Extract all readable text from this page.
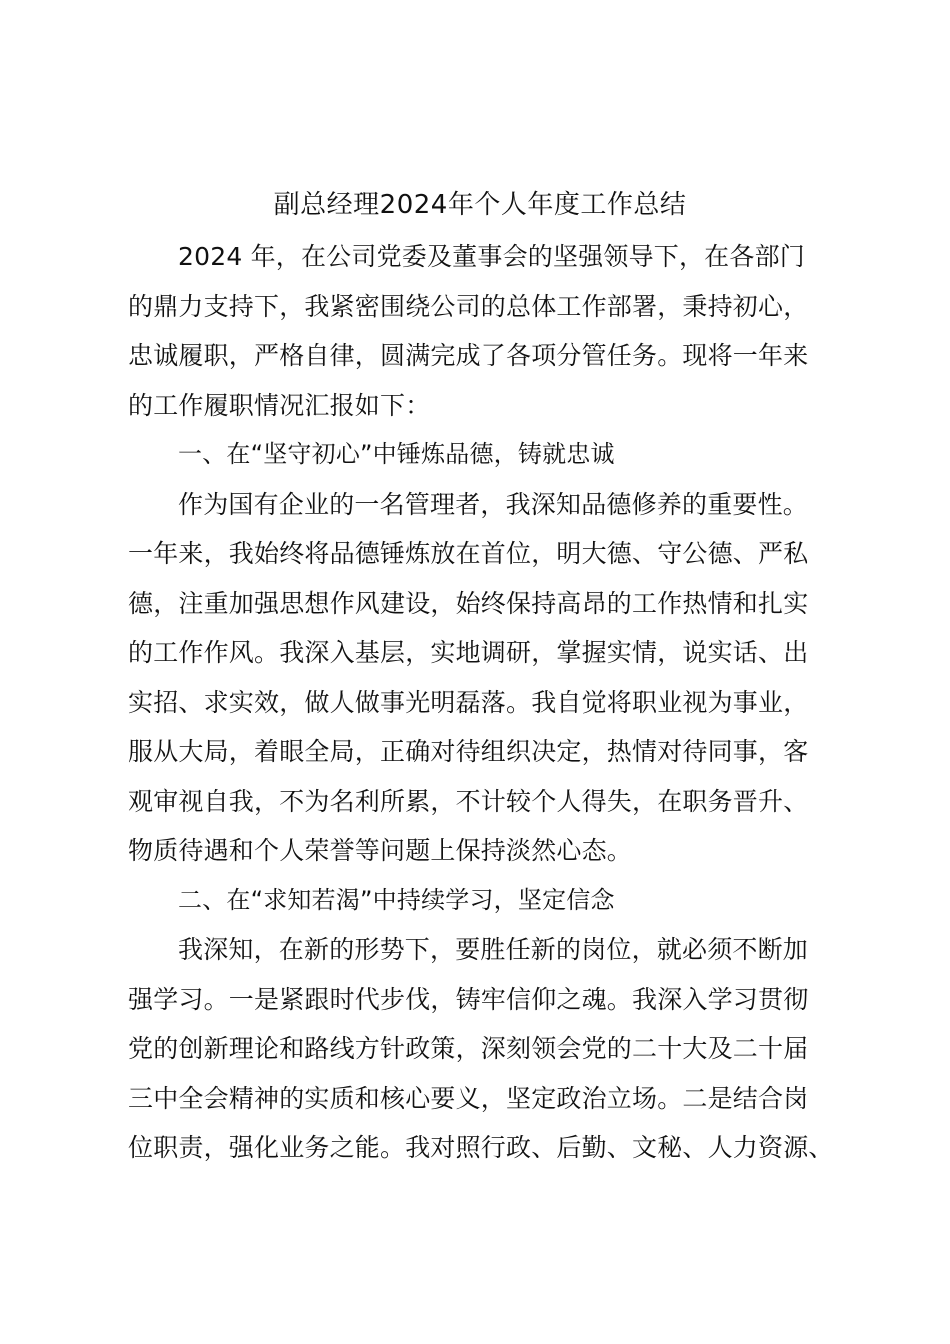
副总经理2024年个人年度工作总结
2024 年，在公司党委及董事会的坚强领导下，在各部门
的鼎力支持下，我紧密围绕公司的总体工作部署，秉持初心，
忠诚履职，严格自律，圆满完成了各项分管任务。现将一年来
的工作履职情况汇报如下：
一、在“坚守初心”中锤炼品德，铸就忠诚
作为国有企业的一名管理者，我深知品德修养的重要性。
一年来，我始终将品德锤炼放在首位，明大德、守公德、严私
德，注重加强思想作风建设，始终保持高昂的工作热情和扎实
的工作作风。我深入基层，实地调研，掌握实情，说实话、出
实招、求实效，做人做事光明磊落。我自觉将职业视为事业，
服从大局，着眼全局，正确对待组织决定，热情对待同事，客
观审视自我，不为名利所累，不计较个人得失，在职务晋升、
物质待遇和个人荣誉等问题上保持淡然心态。
二、在“求知若渴”中持续学习，坚定信念
我深知，在新的形势下，要胜任新的岗位，就必须不断加
强学习。一是紧跟时代步伐，铸牢信仰之魂。我深入学习贯彻
党的创新理论和路线方针政策，深刻领会党的二十大及二十届
三中全会精神的实质和核心要义，坚定政治立场。二是结合岗
位职责，强化业务之能。我对照行政、后勤、文秘、人力资源、
